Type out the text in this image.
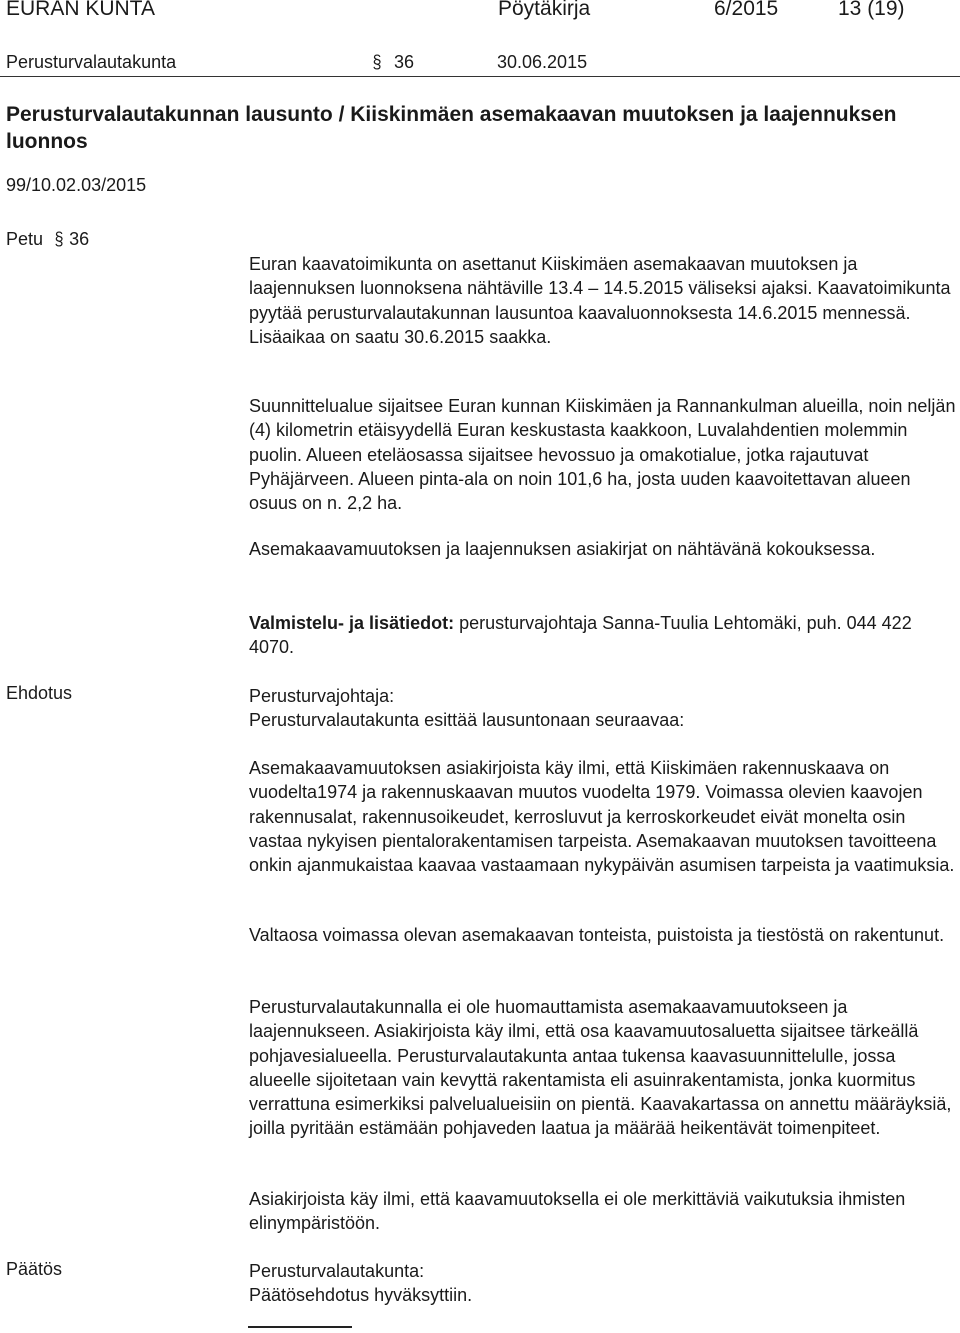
EURAN KUNTA	Pöytäkirja	6/2015	13 (19)
Perusturvalautakunta	§ 36	30.06.2015
Perusturvalautakunnan lausunto / Kiiskinmäen asemakaavan muutoksen ja laajennuksen luonnos
99/10.02.03/2015
Petu § 36

Euran kaavatoimikunta on asettanut Kiiskimäen asemakaavan muutoksen ja laajennuksen luonnoksena nähtäville 13.4 – 14.5.2015 väliseksi ajaksi. Kaavatoimikunta pyytää perusturvalautakunnan lausuntoa kaavaluonnoksesta 14.6.2015 mennessä. Lisäaikaa on saatu 30.6.2015 saakka.

Suunnittelualue sijaitsee Euran kunnan Kiiskimäen ja Rannankulman alueilla, noin neljän (4) kilometrin etäisyydellä Euran keskustasta kaakkoon, Luvalahdentien molemmin puolin. Alueen eteläosassa sijaitsee hevossuo ja omakotialue, jotka rajautuvat Pyhäjärveen. Alueen pinta-ala on noin 101,6 ha, josta uuden kaavoitettavan alueen osuus on n. 2,2 ha.

Asemakaavamuutoksen ja laajennuksen asiakirjat on nähtävänä kokouksessa.

Valmistelu- ja lisätiedot: perusturvajohtaja Sanna-Tuulia Lehtomäki, puh. 044 422 4070.

Ehdotus	Perusturvajohtaja:

Perusturvalautakunta esittää lausuntonaan seuraavaa:

Asemakaavamuutoksen asiakirjoista käy ilmi, että Kiiskimäen rakennuskaava on vuodelta1974 ja rakennuskaavan muutos vuodelta 1979. Voimassa olevien kaavojen rakennusalat, rakennusoikeudet, kerrosluvut ja kerroskorkeudet eivät monelta osin vastaa nykyisen pientalorakentamisen tarpeista. Asemakaavan muutoksen tavoitteena onkin ajanmukaistaa kaavaa vastaamaan nykypäivän asumisen tarpeista ja vaatimuksia.

Valtaosa voimassa olevan asemakaavan tonteista, puistoista ja tiestöstä on rakentunut.

Perusturvalautakunnalla ei ole huomauttamista asemakaavamuutokseen ja laajennukseen. Asiakirjoista käy ilmi, että osa kaavamuutosaluetta sijaitsee tärkeällä pohjavesialueella. Perusturvalautakunta antaa tukensa kaavasuunnittelulle, jossa alueelle sijoitetaan vain kevyttä rakentamista eli asuinrakentamista, jonka kuormitus verrattuna esimerkiksi palvelualueisiin on pientä. Kaavakartassa on annettu määräyksiä, joilla pyritään estämään pohjaveden laatua ja määrää heikentävät toimenpiteet.

Asiakirjoista käy ilmi, että kaavamuutoksella ei ole merkittäviä vaikutuksia ihmisten elinympäristöön.

Päätös	Perusturvalautakunta:

Päätösehdotus hyväksyttiin.
